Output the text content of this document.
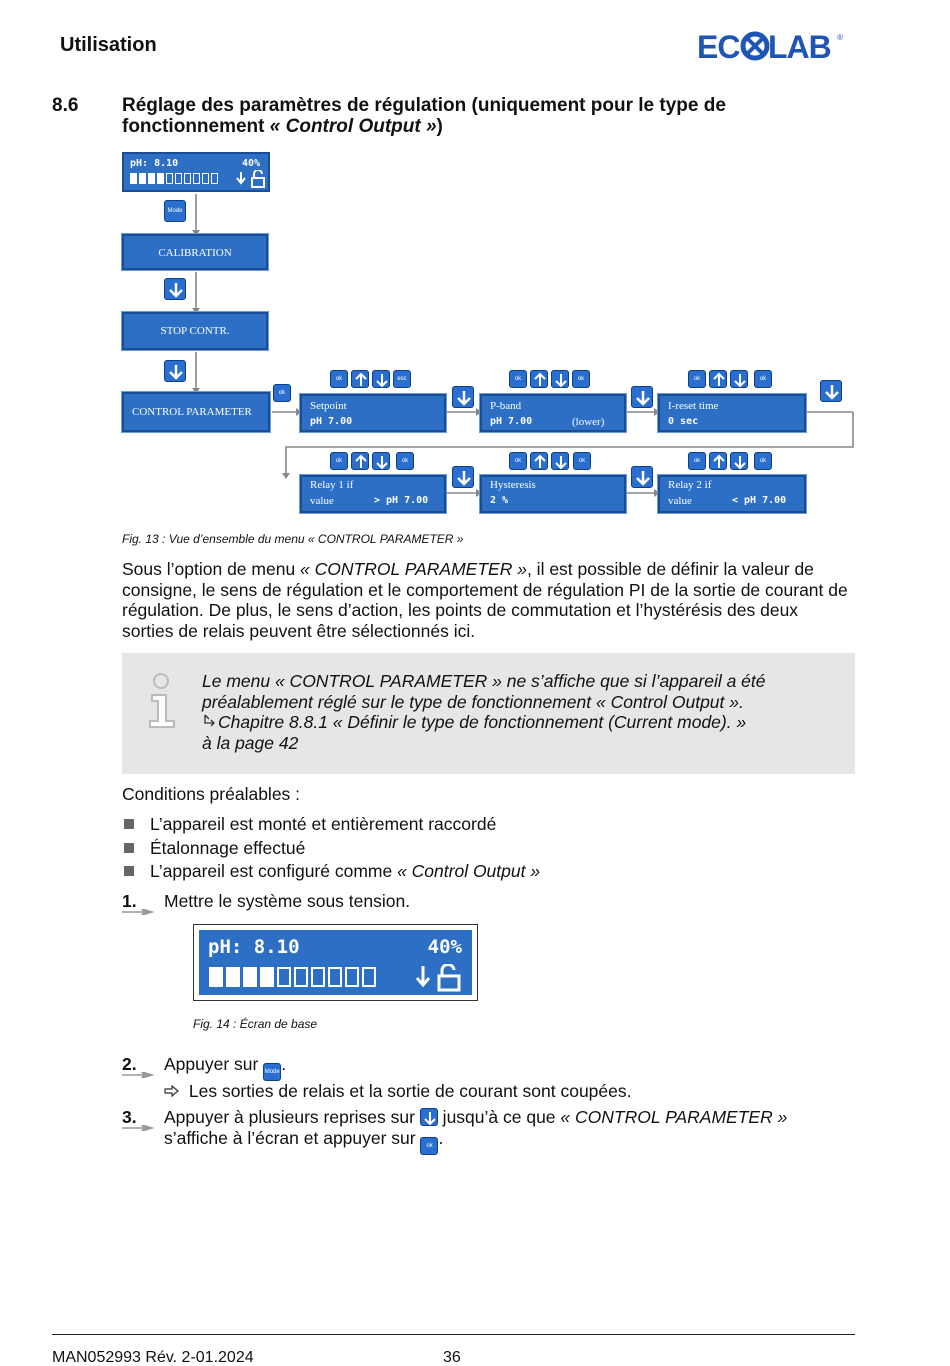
Utilisation	EC LAB ®
8.6 Réglage des paramètres de régulation (uniquement pour le type de fonctionnement « Control Output »)
pH: 8.10	40%
Mode
CALIBRATION
STOP CONTR.
CONTROL PARAMETER
ok
ok	esc
Setpoint
pH 7.00
ok	ok
P-band
pH 7.00	(lower)
ok	ok
I-reset time
0 sec
ok	ok
Relay 1 if
value	> pH 7.00
ok	ok
Hysteresis
2 %
ok	ok
Relay 2 if
value	< pH 7.00
Fig. 13 : Vue d’ensemble du menu « CONTROL PARAMETER »
Sous l’option de menu « CONTROL PARAMETER », il est possible de définir la valeur de consigne, le sens de régulation et le comportement de régulation PI de la sortie de courant de régulation. De plus, le sens d’action, les points de commutation et l’hystérésis des deux sorties de relais peuvent être sélectionnés ici.
Le menu « CONTROL PARAMETER » ne s’affiche que si l’appareil a été
préalablement réglé sur le type de fonctionnement « Control Output ».
Chapitre 8.8.1 « Définir le type de fonctionnement (Current mode). »
à la page 42
Conditions préalables :
L’appareil est monté et entièrement raccordé
Étalonnage effectué
L’appareil est configuré comme « Control Output »
1. Mettre le système sous tension.
pH: 8.10	40%
Fig. 14 : Écran de base
2. Appuyer sur Mode.
Les sorties de relais et la sortie de courant sont coupées.
3. Appuyer à plusieurs reprises sur
jusqu’à ce que « CONTROL PARAMETER »
s’affiche à l’écran et appuyer sur ok .
MAN052993 Rév. 2-01.2024	36
